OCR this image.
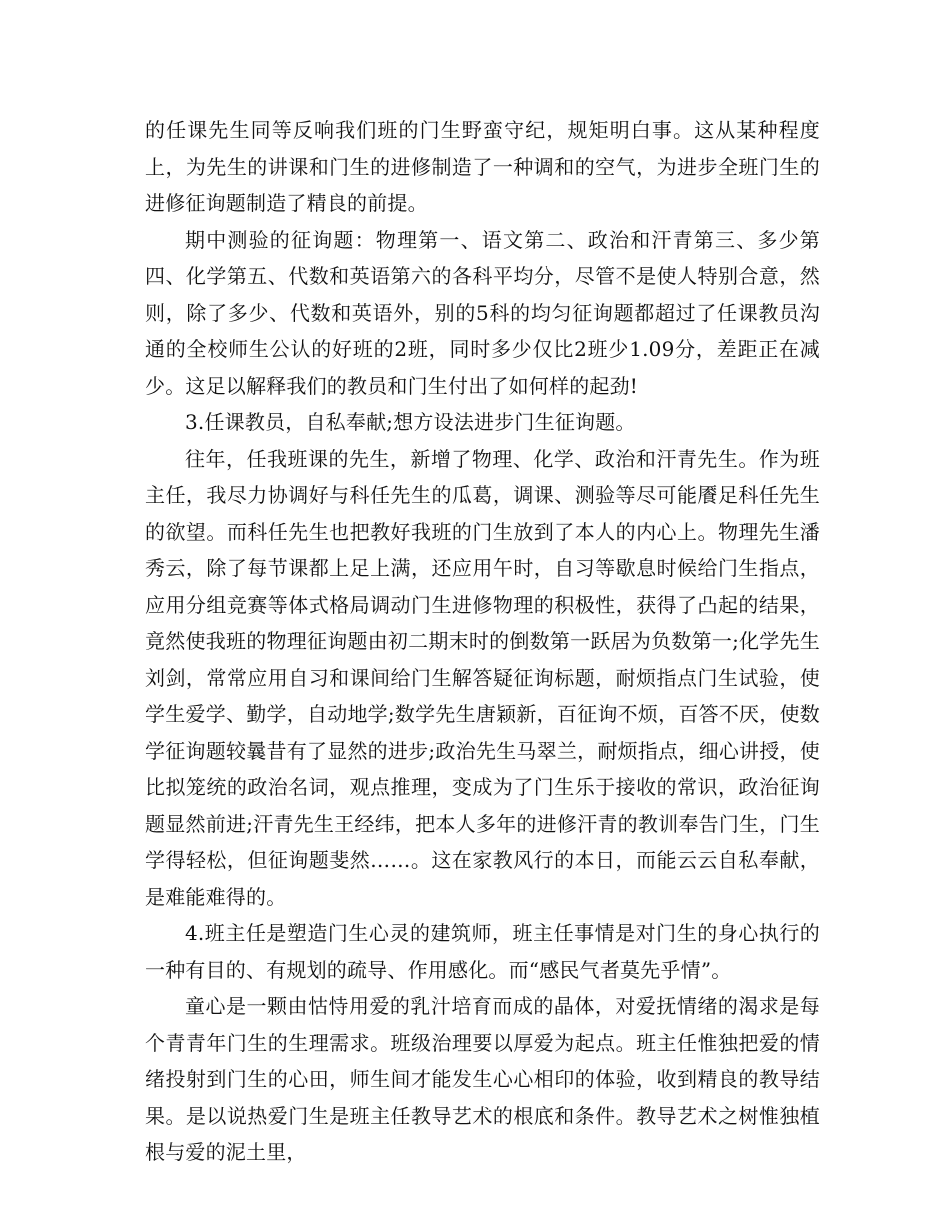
的任课先生同等反响我们班的门生野蛮守纪，规矩明白事。这从某种程度上，为先生的讲课和门生的进修制造了一种调和的空气，为进步全班门生的进修征询题制造了精良的前提。

期中测验的征询题：物理第一、语文第二、政治和汗青第三、多少第四、化学第五、代数和英语第六的各科平均分，尽管不是使人特别合意，然则，除了多少、代数和英语外，别的5科的均匀征询题都超过了任课教员沟通的全校师生公认的好班的2班，同时多少仅比2班少1.09分，差距正在减少。这足以解释我们的教员和门生付出了如何样的起劲!

3.任课教员，自私奉献;想方设法进步门生征询题。

往年，任我班课的先生，新增了物理、化学、政治和汗青先生。作为班主任，我尽力协调好与科任先生的瓜葛，调课、测验等尽可能餍足科任先生的欲望。而科任先生也把教好我班的门生放到了本人的内心上。物理先生潘秀云，除了每节课都上足上满，还应用午时，自习等歇息时候给门生指点，应用分组竞赛等体式格局调动门生进修物理的积极性，获得了凸起的结果，竟然使我班的物理征询题由初二期末时的倒数第一跃居为负数第一;化学先生刘剑，常常应用自习和课间给门生解答疑征询标题，耐烦指点门生试验，使学生爱学、勤学，自动地学;数学先生唐颖新，百征询不烦，百答不厌，使数学征询题较曩昔有了显然的进步;政治先生马翠兰，耐烦指点，细心讲授，使比拟笼统的政治名词，观点推理，变成为了门生乐于接收的常识，政治征询题显然前进;汗青先生王经纬，把本人多年的进修汗青的教训奉告门生，门生学得轻松，但征询题斐然……。这在家教风行的本日，而能云云自私奉献，是难能难得的。

4.班主任是塑造门生心灵的建筑师，班主任事情是对门生的身心执行的一种有目的、有规划的疏导、作用感化。而“感民气者莫先乎情”。

童心是一颗由怙恃用爱的乳汁培育而成的晶体，对爱抚情绪的渴求是每个青青年门生的生理需求。班级治理要以厚爱为起点。班主任惟独把爱的情绪投射到门生的心田，师生间才能发生心心相印的体验，收到精良的教导结果。是以说热爱门生是班主任教导艺术的根底和条件。教导艺术之树惟独植根与爱的泥土里，
